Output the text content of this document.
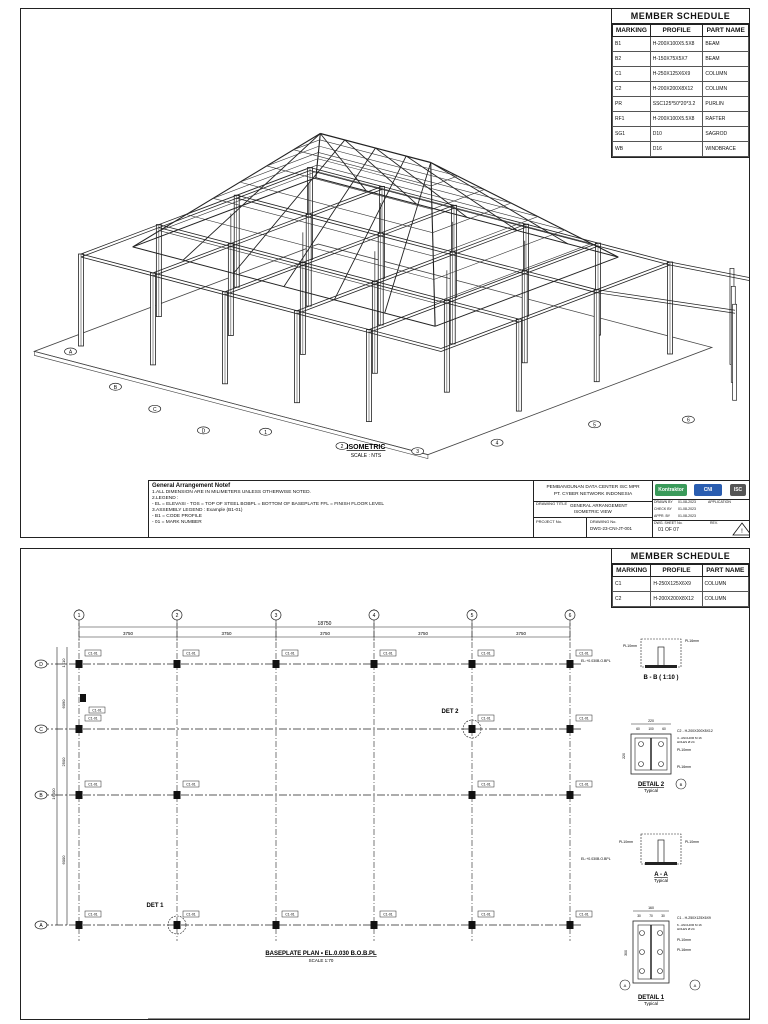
A
B
C
D	1
2
3
4
5
6
ISOMETRIC
SCALE : NTS
MEMBER SCHEDULE
MARKING	PROFILE	PART NAME
B1	H-200X100X5.5X8	BEAM
B2	H-150X75X5X7	BEAM
C1	H-250X125X6X9	COLUMN
C2	H-200X200X8X12	COLUMN
PR	SSC125*50*20*3.2	PURLIN
RF1	H-200X100X5.5X8	RAFTER
SG1	D10	SAGROD
WB	D16	WINDBRACE
General Arrangement Notef
1.ALL DIMENSION ARE IN MILIMETERS UNLESS OTHERWISE NOTED.
2.LEGEND :
- EL = ELEVASI - TOS = TOP OF STEEL BOBPL = BOTTOM OF BASEPLATE FFL = FINISH FLOOR LEVEL
3.ASSEMBLY LEGEND : Example (B1-01)
- B1 = CODE PROFILE
- 01 = MARK NUMBER
PEMBANGUNAN DATA CENTER ISC MPR
PT. CYBER NETWORK INDONESIA
DRAWING TITLE GENERAL ARRANGEMENT
ISOMETRIC VIEW
PROJECT No.	DRAWING No.
DWG-23-CNI-JT-001
Kontraktor	CNI	ISC
DRAWN BY
CHECK BY
APPR. BY
01-08-2023
01-08-2023
01-08-2023
APPLICATION
DWG. SHEET No.
01 OF 07
REV.
!
1	2	3	4	5	6
D
C
B
A
18750
3750	3750	3750	3750	3750
1410
6090
2500
6000
16000
C1-01	C1-01	C1-01	C1-01	C1-01	C1-01
C1-01	C1-01	C1-01
C1-01	C1-01	C1-01	C1-01
C1-01	C1-01	C1-01	C1-01	C1-01	C1-01
C1-01	DET 2
DET 1
BASEPLATE PLAN • EL.0.030 B.O.B.PL
SCALE 1:70
PL10mm
PL16mm
EL:+0.030B.O.BPL
B - B ( 1:10 )
220
60	100	60
220
C2 - H-200X200X8X12
4 - ANCHOR M 16
HOLES Ø 24
PL10mm
PL16mm
B
DETAIL 2
Typical
PL10mm	PL10mm
EL:+0.030B.O.BPL
A - A
Typical
160
30	70	30
300
C1 - H-250X125X6X9
6 - ANCHOR M 16
HOLES Ø 24
PL10mm
PL16mm
A	A
DETAIL 1
Typical
MEMBER SCHEDULE
MARKING	PROFILE	PART NAME
C1	H-250X125X6X9	COLUMN
C2	H-200X200X8X12	COLUMN
